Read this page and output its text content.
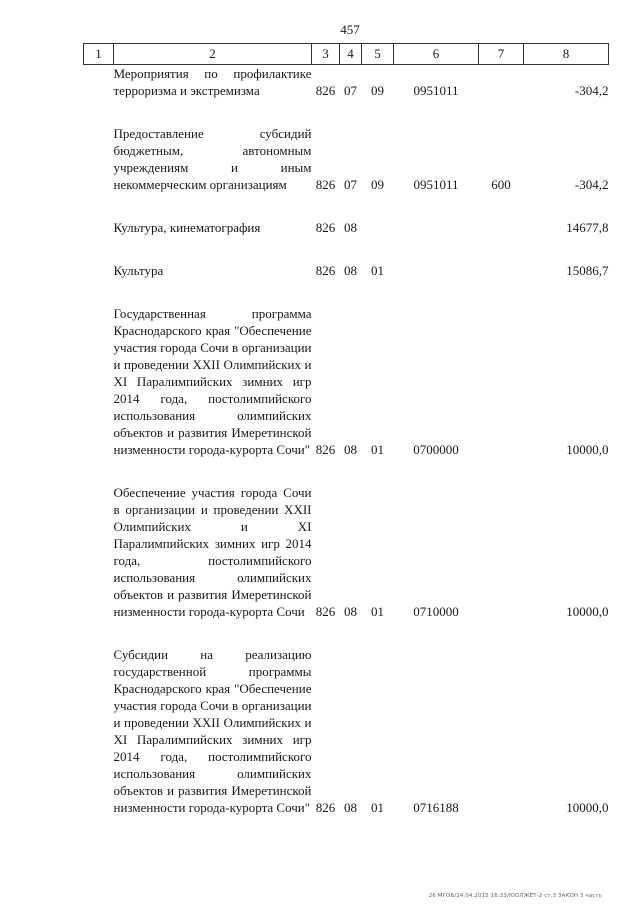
457
1	2	3	4	5	6	7	8
	Мероприятия по профилактике терроризма и экстремизма	826	07	09	0951011		-304,2

	Предоставление субсидий бюджетным, автономным учреждениям и иным некоммерческим организациям	826	07	09	0951011	600	-304,2

	Культура, кинематография	826	08				14677,8

	Культура	826	08	01			15086,7

	Государственная программа Краснодарского края "Обеспечение участия города Сочи в организации и проведении XXII Олимпийских и XI Паралимпийских зимних игр 2014 года, постолимпийского использования олимпийских объектов и развития Имеретинской низменности города-курорта Сочи"	826	08	01	0700000		10000,0

	Обеспечение участия города Сочи в организации и проведении XXII Олимпийских и XI Паралимпийских зимних игр 2014 года, постолимпийского использования олимпийских объектов и развития Имеретинской низменности города-курорта Сочи	826	08	01	0710000		10000,0

	Субсидии на реализацию государственной программы Краснодарского края "Обеспечение участия города Сочи в организации и проведении XXII Олимпийских и XI Паралимпийских зимних игр 2014 года, постолимпийского использования олимпийских объектов и развития Имеретинской низменности города-курорта Сочи"	826	08	01	0716188		10000,0
26 МГОБ/24.04.2015 16:33/ЮОЛЖЕТ-2 ст.3 ЗАКОН 3 часть
